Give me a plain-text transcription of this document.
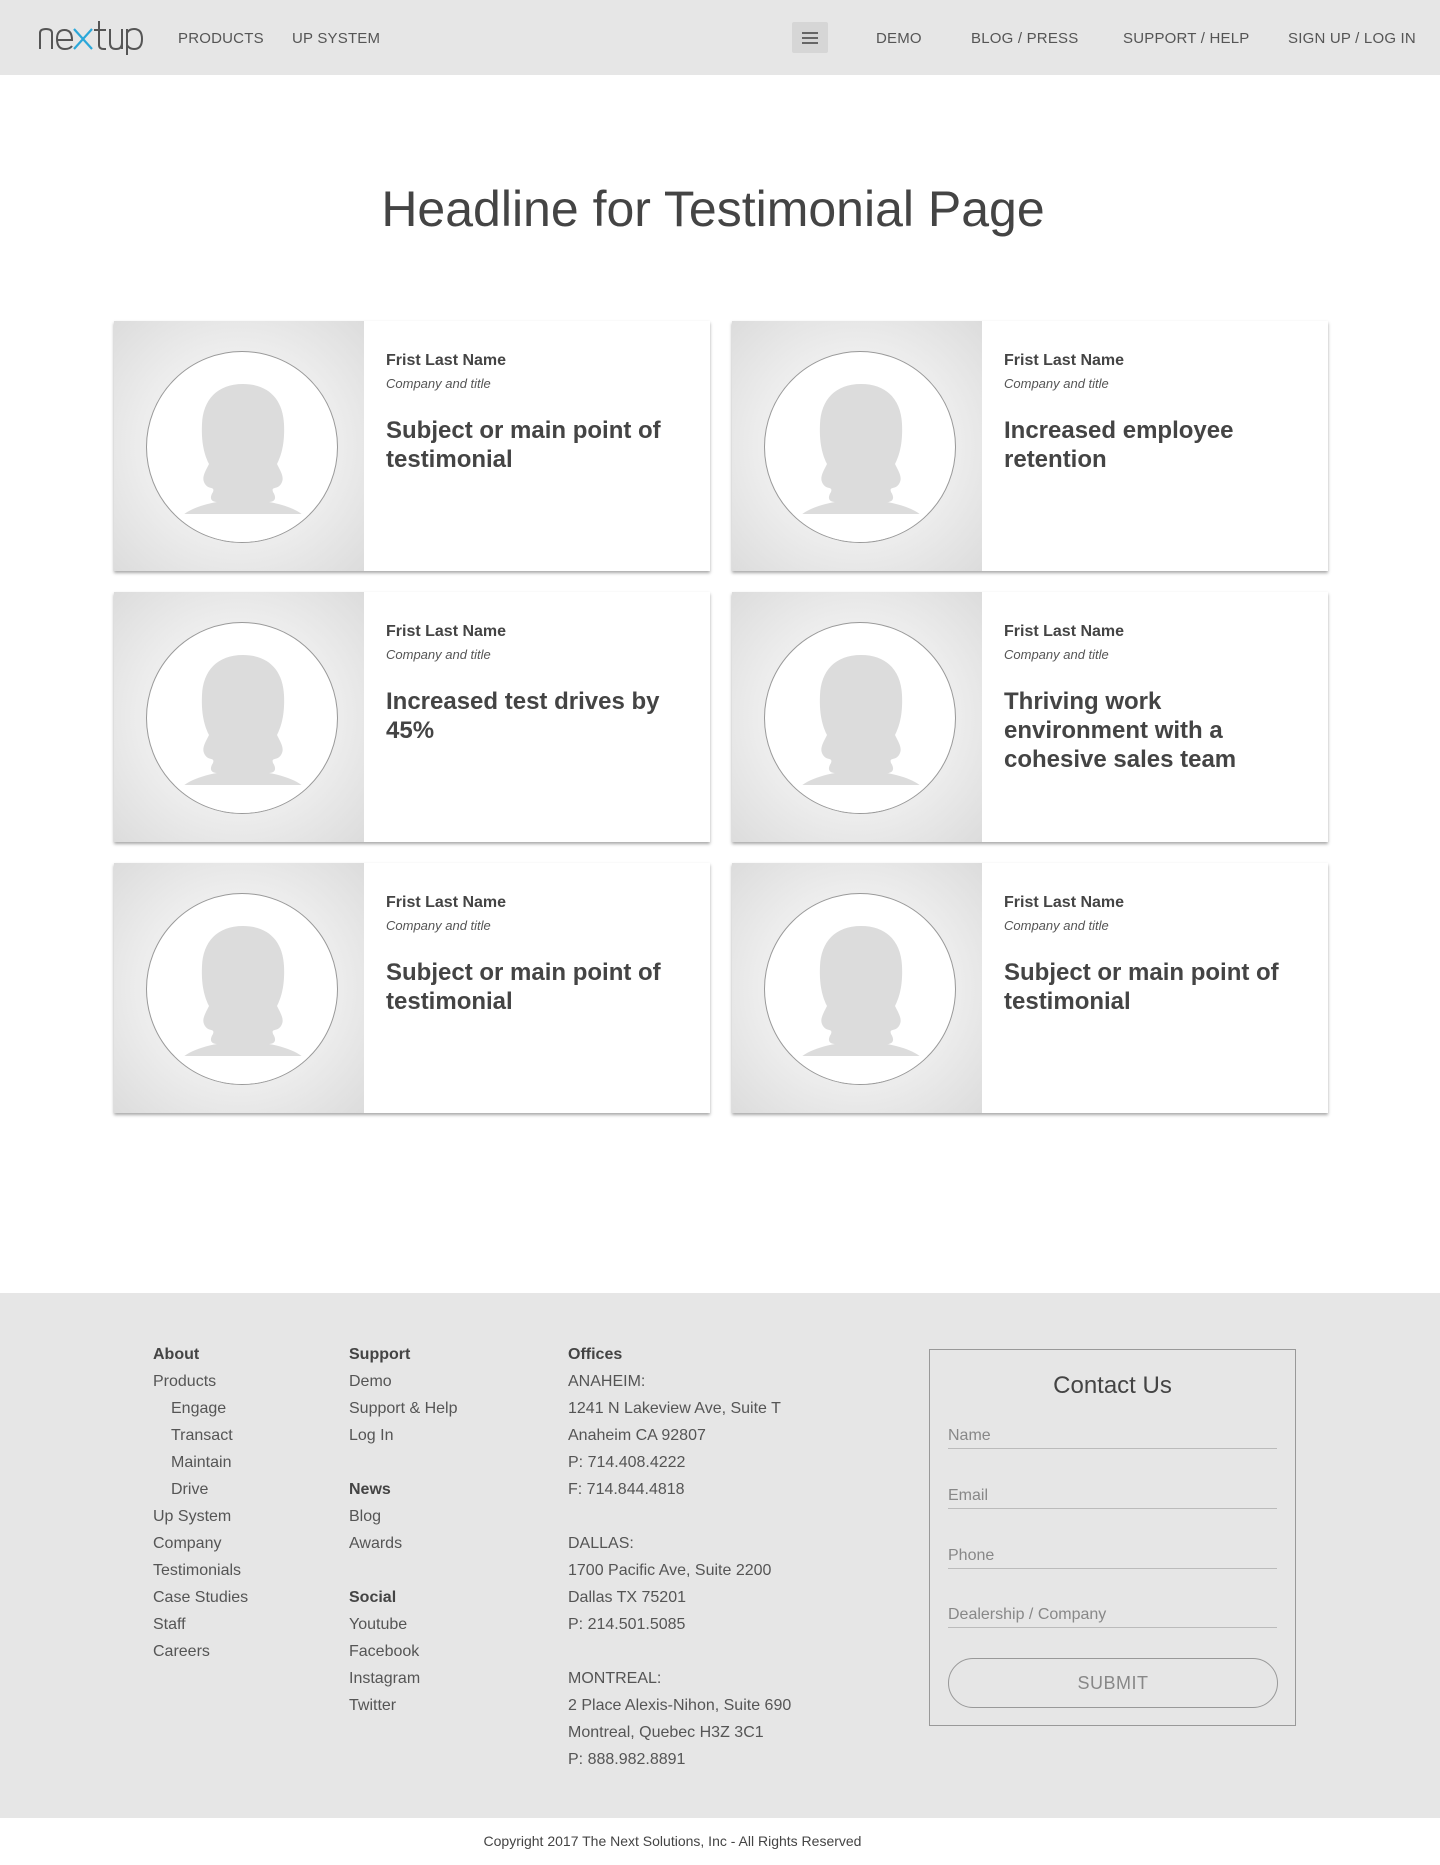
PRODUCTS UP SYSTEM	DEMO	BLOG / PRESS	SUPPORT / HELP	SIGN UP / LOG IN
Headline for Testimonial Page
Frist Last Name
Company and title
Subject or main point of testimonial
Frist Last Name
Company and title
Increased employee retention
Frist Last Name
Company and title
Increased test drives by 45%
Frist Last Name
Company and title
Thriving work environment with a cohesive sales team
Frist Last Name
Company and title
Subject or main point of testimonial
Frist Last Name
Company and title
Subject or main point of testimonial
About
Products
Engage
Transact
Maintain
Drive
Up System
Company
Testimonials
Case Studies
Staff
Careers
Support
Demo
Support & Help
Log In
News
Blog
Awards
Social
Youtube
Facebook
Instagram
Twitter
Offices
ANAHEIM:
1241 N Lakeview Ave, Suite T
Anaheim CA 92807
P: 714.408.4222
F: 714.844.4818
DALLAS:
1700 Pacific Ave, Suite 2200
Dallas TX 75201
P: 214.501.5085
MONTREAL:
2 Place Alexis-Nihon, Suite 690
Montreal, Quebec H3Z 3C1
P: 888.982.8891
Contact Us
Name
Email
Phone
Dealership / Company
SUBMIT
Copyright 2017 The Next Solutions, Inc - All Rights Reserved
